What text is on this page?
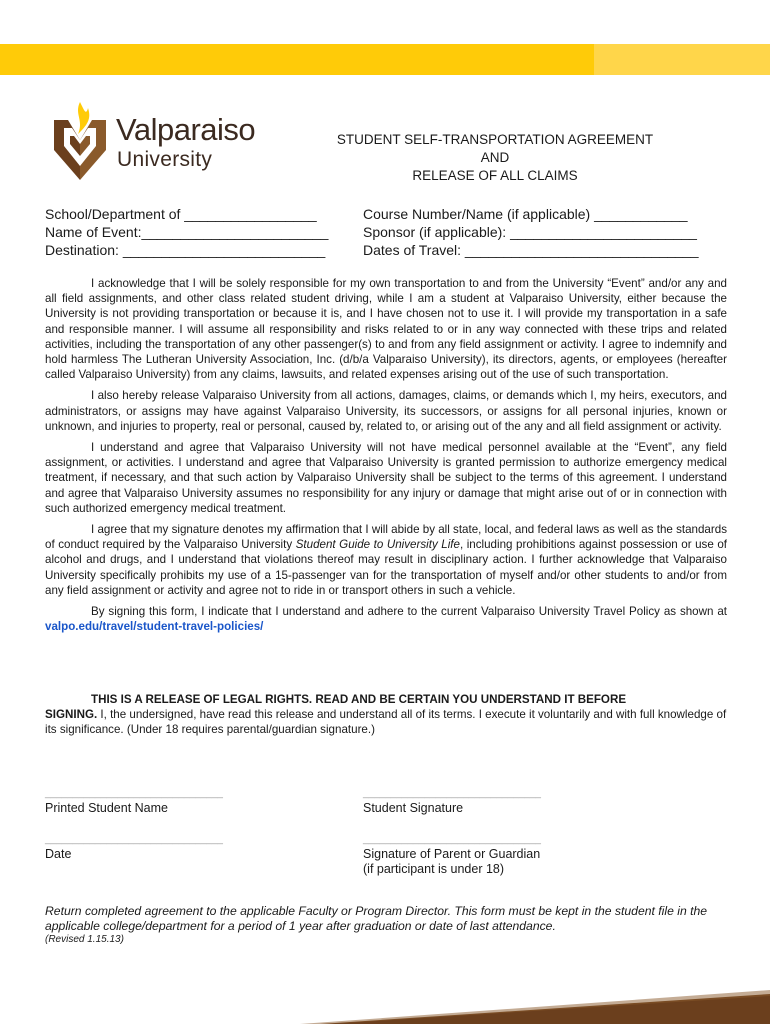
Valparaiso
University
STUDENT SELF-TRANSPORTATION AGREEMENT
AND
RELEASE OF ALL CLAIMS
School/Department of _________________
Name of Event:________________________
Destination: __________________________
Course Number/Name (if applicable) ____________
Sponsor (if applicable): ________________________
Dates of Travel: ______________________________

I acknowledge that I will be solely responsible for my own transportation to and from the University “Event” and/or any and all field assignments, and other class related student driving, while I am a student at Valparaiso University, either because the University is not providing transportation or because it is, and I have chosen not to use it. I will provide my transportation in a safe and responsible manner. I will assume all responsibility and risks related to or in any way connected with these trips and related activities, including the transportation of any other passenger(s) to and from any field assignment or activity. I agree to indemnify and hold harmless The Lutheran University Association, Inc. (d/b/a Valparaiso University), its directors, agents, or employees (hereafter called Valparaiso University) from any claims, lawsuits, and related expenses arising out of the use of such transportation.

I also hereby release Valparaiso University from all actions, damages, claims, or demands which I, my heirs, executors, and administrators, or assigns may have against Valparaiso University, its successors, or assigns for all personal injuries, known or unknown, and injuries to property, real or personal, caused by, related to, or arising out of the any and all field assignment or activity.

I understand and agree that Valparaiso University will not have medical personnel available at the “Event”, any field assignment, or activities. I understand and agree that Valparaiso University is granted permission to authorize emergency medical treatment, if necessary, and that such action by Valparaiso University shall be subject to the terms of this agreement. I understand and agree that Valparaiso University assumes no responsibility for any injury or damage that might arise out of or in connection with such authorized emergency medical treatment.

I agree that my signature denotes my affirmation that I will abide by all state, local, and federal laws as well as the standards of conduct required by the Valparaiso University Student Guide to University Life, including prohibitions against possession or use of alcohol and drugs, and I understand that violations thereof may result in disciplinary action. I further acknowledge that Valparaiso University specifically prohibits my use of a 15-passenger van for the transportation of myself and/or other students to and/or from any field assignment or activity and agree not to ride in or transport others in such a vehicle.

By signing this form, I indicate that I understand and adhere to the current Valparaiso University Travel Policy as shown at valpo.edu/travel/student-travel-policies/

THIS IS A RELEASE OF LEGAL RIGHTS. READ AND BE CERTAIN YOU UNDERSTAND IT BEFORE
SIGNING. I, the undersigned, have read this release and understand all of its terms. I execute it voluntarily and with full knowledge of its significance. (Under 18 requires parental/guardian signature.)
________________________________
Printed Student Name
________________________________
Student Signature
________________________________
Date
________________________________
Signature of Parent or Guardian
(if participant is under 18)
Return completed agreement to the applicable Faculty or Program Director. This form must be kept in the student file in the applicable college/department for a period of 1 year after graduation or date of last attendance.
(Revised 1.15.13)
